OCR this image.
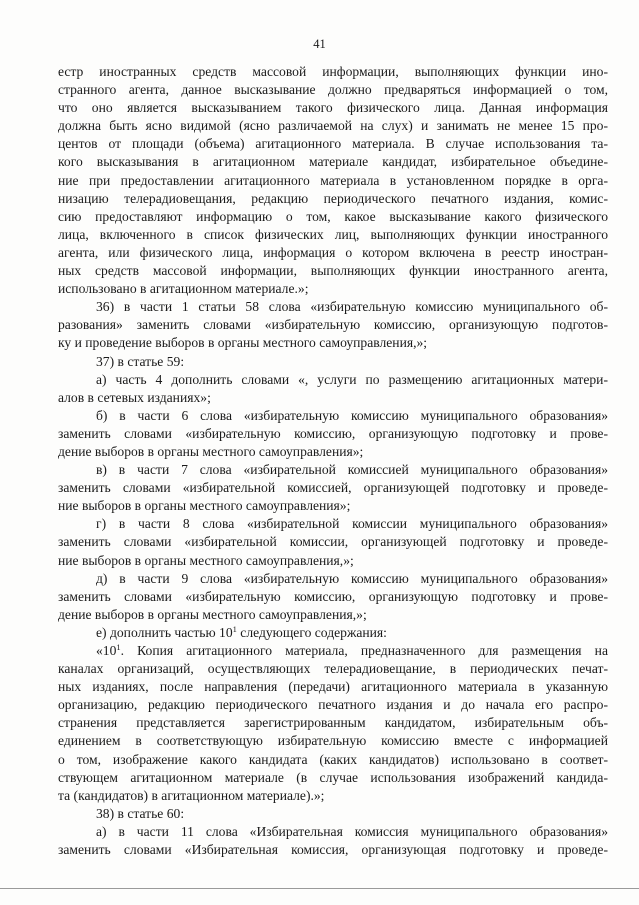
41
естр иностранных средств массовой информации, выполняющих функции ино-
странного агента, данное высказывание должно предваряться информацией о том,
что оно является высказыванием такого физического лица. Данная информация
должна быть ясно видимой (ясно различаемой на слух) и занимать не менее 15 про-
центов от площади (объема) агитационного материала. В случае использования та-
кого высказывания в агитационном материале кандидат, избирательное объедине-
ние при предоставлении агитационного материала в установленном порядке в орга-
низацию телерадиовещания, редакцию периодического печатного издания, комис-
сию предоставляют информацию о том, какое высказывание какого физического
лица, включенного в список физических лиц, выполняющих функции иностранного
агента, или физического лица, информация о котором включена в реестр иностран-
ных средств массовой информации, выполняющих функции иностранного агента,
использовано в агитационном материале.»;
36) в части 1 статьи 58 слова «избирательную комиссию муниципального об-
разования» заменить словами «избирательную комиссию, организующую подготов-
ку и проведение выборов в органы местного самоуправления,»;
37) в статье 59:
а) часть 4 дополнить словами «, услуги по размещению агитационных матери-
алов в сетевых изданиях»;
б) в части 6 слова «избирательную комиссию муниципального образования»
заменить словами «избирательную комиссию, организующую подготовку и прове-
дение выборов в органы местного самоуправления»;
в) в части 7 слова «избирательной комиссией муниципального образования»
заменить словами «избирательной комиссией, организующей подготовку и проведе-
ние выборов в органы местного самоуправления»;
г) в части 8 слова «избирательной комиссии муниципального образования»
заменить словами «избирательной комиссии, организующей подготовку и проведе-
ние выборов в органы местного самоуправления,»;
д) в части 9 слова «избирательную комиссию муниципального образования»
заменить словами «избирательную комиссию, организующую подготовку и прове-
дение выборов в органы местного самоуправления,»;
е) дополнить частью $10^1$ следующего содержания:
«$10^1$. Копия агитационного материала, предназначенного для размещения на
каналах организаций, осуществляющих телерадиовещание, в периодических печат-
ных изданиях, после направления (передачи) агитационного материала в указанную
организацию, редакцию периодического печатного издания и до начала его распро-
странения представляется зарегистрированным кандидатом, избирательным объ-
единением в соответствующую избирательную комиссию вместе с информацией
о том, изображение какого кандидата (каких кандидатов) использовано в соответ-
ствующем агитационном материале (в случае использования изображений кандида-
та (кандидатов) в агитационном материале).»;
38) в статье 60:
а) в части 11 слова «Избирательная комиссия муниципального образования»
заменить словами «Избирательная комиссия, организующая подготовку и проведе-
